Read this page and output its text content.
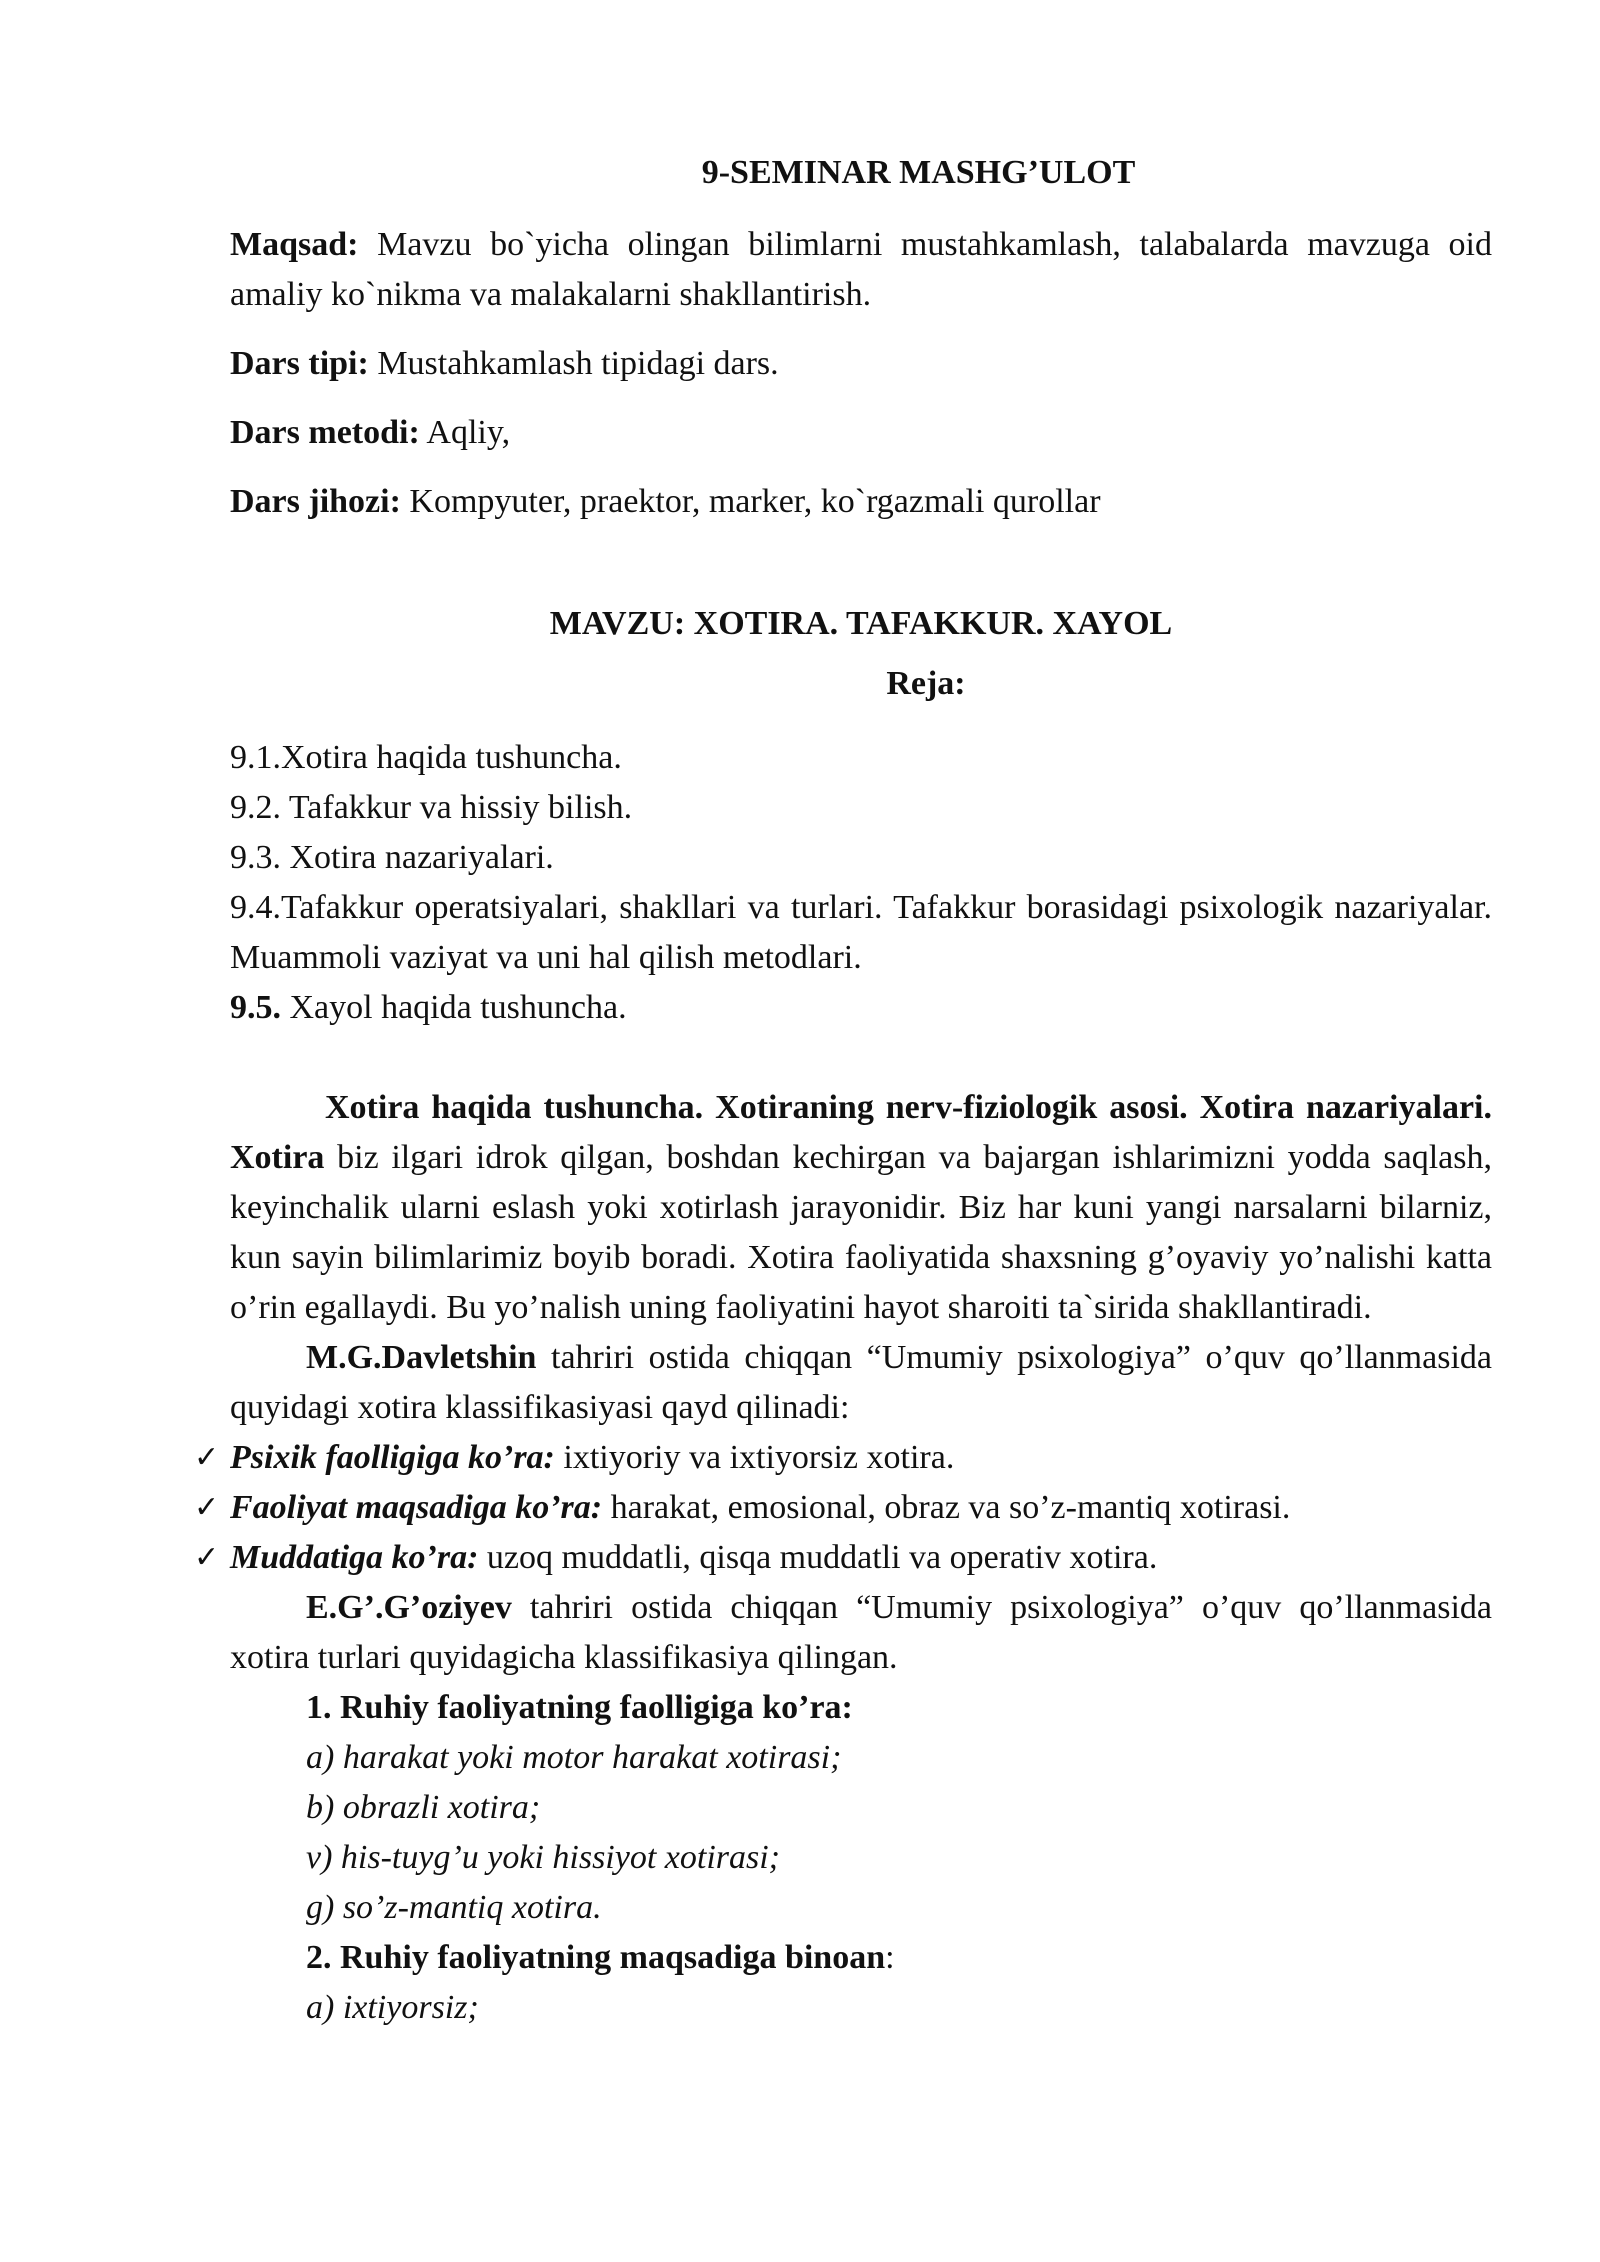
9-SEMINAR MASHG’ULOT

Maqsad: Mavzu bo`yicha olingan bilimlarni mustahkamlash, talabalarda mavzuga oid amaliy ko`nikma va malakalarni shakllantirish.

Dars tipi: Mustahkamlash tipidagi dars.

Dars metodi: Aqliy,

Dars jihozi: Kompyuter, praektor, marker, ko`rgazmali qurollar

MAVZU: XOTIRA. TAFAKKUR. XAYOL
Reja:
9.1.Xotira haqida tushuncha.
9.2. Tafakkur va hissiy bilish.
9.3. Xotira nazariyalari.
9.4.Tafakkur operatsiyalari, shakllari va turlari. Tafakkur borasidagi psixologik nazariyalar. Muammoli vaziyat va uni hal qilish metodlari.
9.5. Xayol haqida tushuncha.

Xotira haqida tushuncha. Xotiraning nerv-fiziologik asosi. Xotira nazariyalari. Xotira biz ilgari idrok qilgan, boshdan kechirgan va bajargan ishlarimizni yodda saqlash, keyinchalik ularni eslash yoki xotirlash jarayonidir. Biz har kuni yangi narsalarni bilarniz, kun sayin bilimlarimiz boyib boradi. Xotira faoliyatida shaxsning g’oyaviy yo’nalishi katta o’rin egallaydi. Bu yo’nalish uning faoliyatini hayot sharoiti ta`sirida shakllantiradi.

M.G.Davletshin tahriri ostida chiqqan “Umumiy psixologiya” o’quv qo’llanmasida quyidagi xotira klassifikasiyasi qayd qilinadi:

✓ Psixik faolligiga ko’ra: ixtiyoriy va ixtiyorsiz xotira.
✓ Faoliyat maqsadiga ko’ra: harakat, emosional, obraz va so’z-mantiq xotirasi.
✓ Muddatiga ko’ra: uzoq muddatli, qisqa muddatli va operativ xotira.

E.G’.G’oziyev tahriri ostida chiqqan “Umumiy psixologiya” o’quv qo’llanmasida xotira turlari quyidagicha klassifikasiya qilingan.

1. Ruhiy faoliyatning faolligiga ko’ra:
a) harakat yoki motor harakat xotirasi;
b) obrazli xotira;
v) his-tuyg’u yoki hissiyot xotirasi;
g) so’z-mantiq xotira.
2. Ruhiy faoliyatning maqsadiga binoan:
a) ixtiyorsiz;
